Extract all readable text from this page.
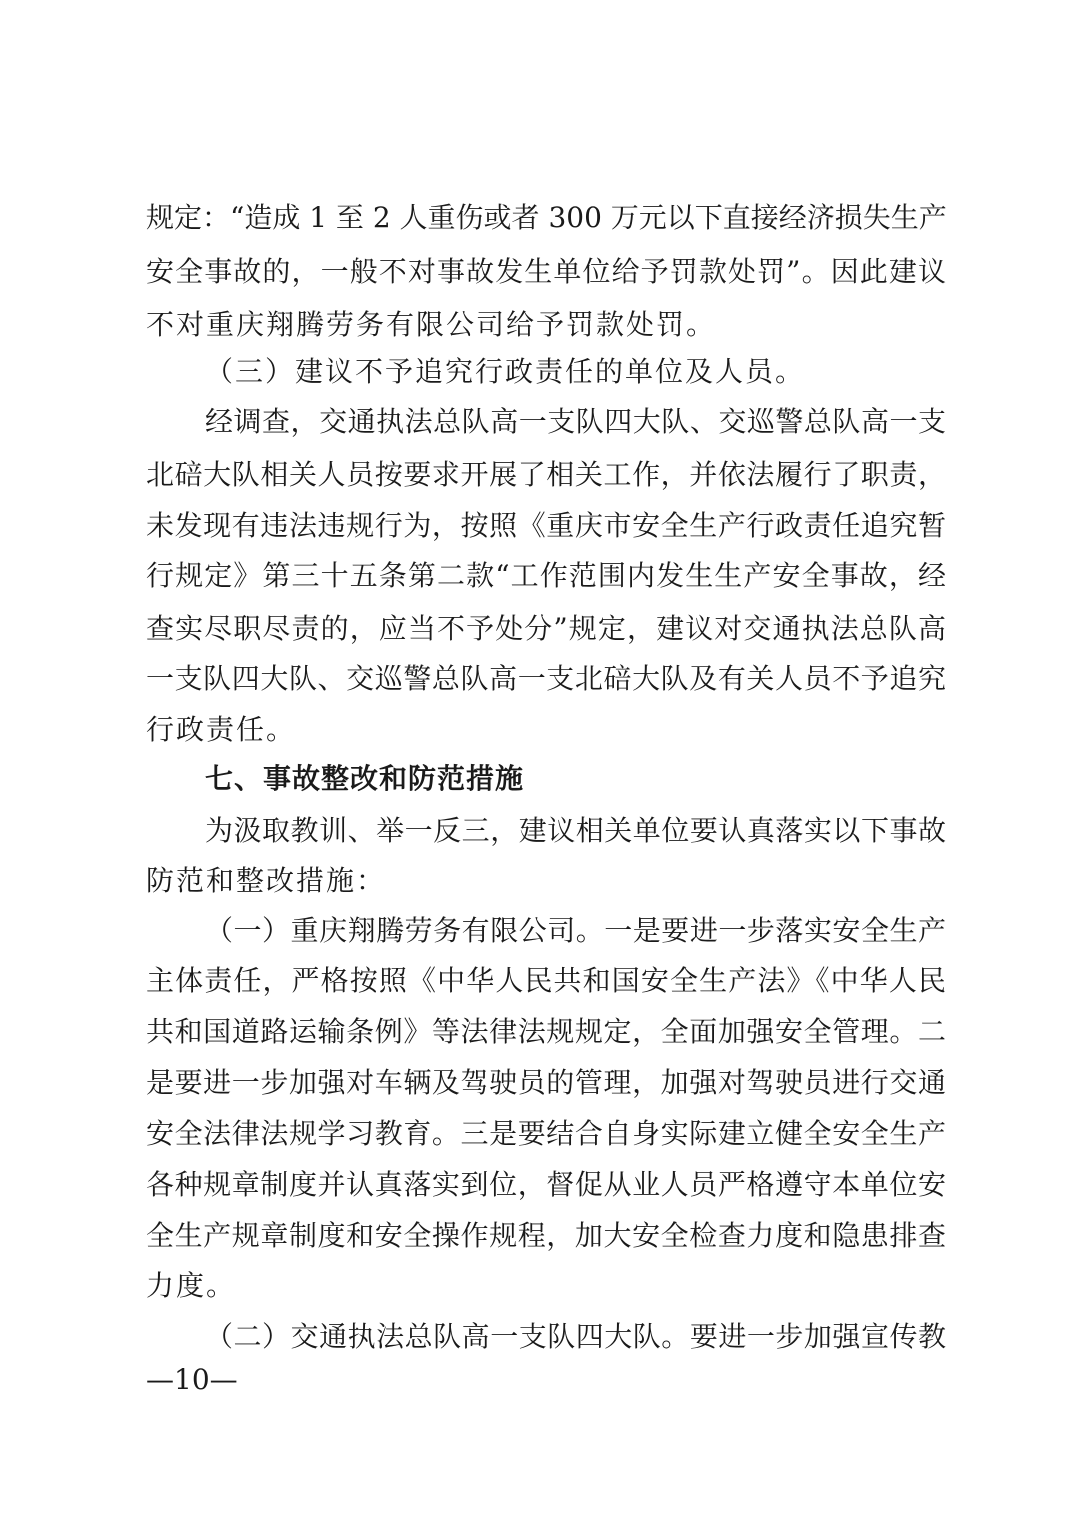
规定：“造成 1 至 2 人重伤或者 300 万元以下直接经济损失生产
安全事故的，一般不对事故发生单位给予罚款处罚”。因此建议
不对重庆翔腾劳务有限公司给予罚款处罚。
（三）建议不予追究行政责任的单位及人员。
经调查，交通执法总队高一支队四大队、交巡警总队高一支
北碚大队相关人员按要求开展了相关工作，并依法履行了职责，
未发现有违法违规行为，按照《重庆市安全生产行政责任追究暂
行规定》第三十五条第二款“工作范围内发生生产安全事故，经
查实尽职尽责的，应当不予处分”规定，建议对交通执法总队高
一支队四大队、交巡警总队高一支北碚大队及有关人员不予追究
行政责任。
七、事故整改和防范措施
为汲取教训、举一反三，建议相关单位要认真落实以下事故
防范和整改措施：
（一）重庆翔腾劳务有限公司。一是要进一步落实安全生产
主体责任，严格按照《中华人民共和国安全生产法》《中华人民
共和国道路运输条例》等法律法规规定，全面加强安全管理。二
是要进一步加强对车辆及驾驶员的管理，加强对驾驶员进行交通
安全法律法规学习教育。三是要结合自身实际建立健全安全生产
各种规章制度并认真落实到位，督促从业人员严格遵守本单位安
全生产规章制度和安全操作规程，加大安全检查力度和隐患排查
力度。
（二）交通执法总队高一支队四大队。要进一步加强宣传教
—10—
